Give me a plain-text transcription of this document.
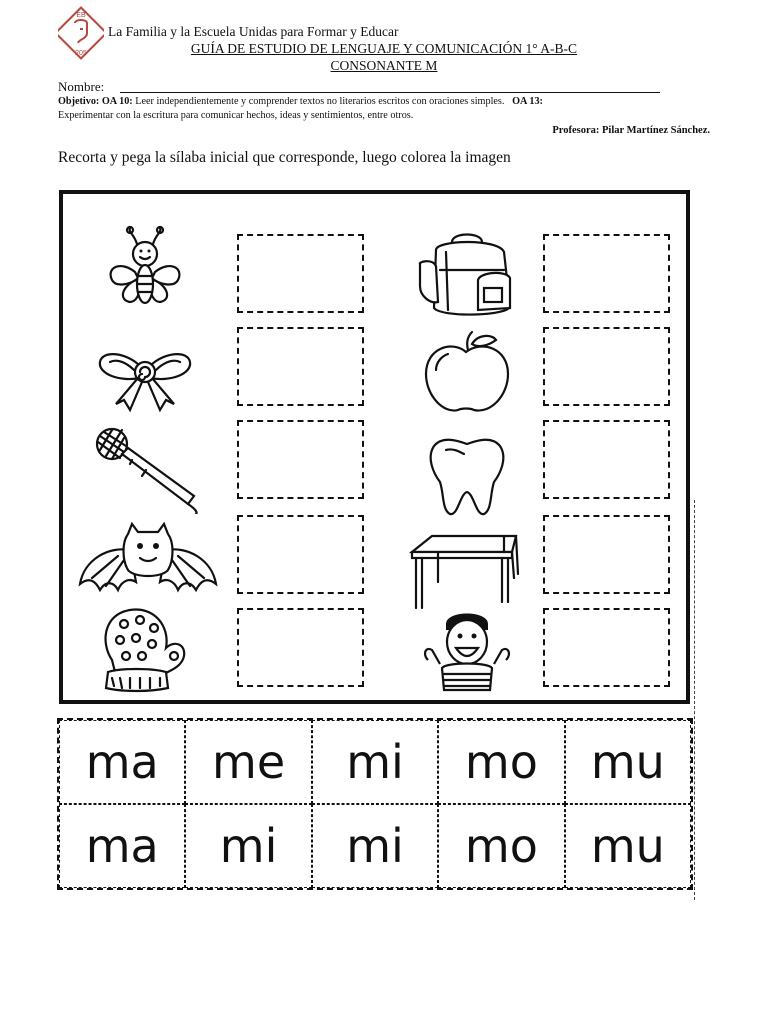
EB
205
La Familia y la Escuela Unidas para Formar y Educar
GUÍA DE ESTUDIO DE LENGUAJE Y COMUNICACIÓN 1° A-B-C
CONSONANTE M
Nombre:
Objetivo: OA 10: Leer independientemente y comprender textos no literarios escritos con oraciones simples. OA 13:
Experimentar con la escritura para comunicar hechos, ideas y sentimientos, entre otros.
Profesora: Pilar Martínez Sánchez.
Recorta y pega la sílaba inicial que corresponde, luego colorea la imagen
ma	me	mi	mo	mu
ma	mi	mi	mo	mu
